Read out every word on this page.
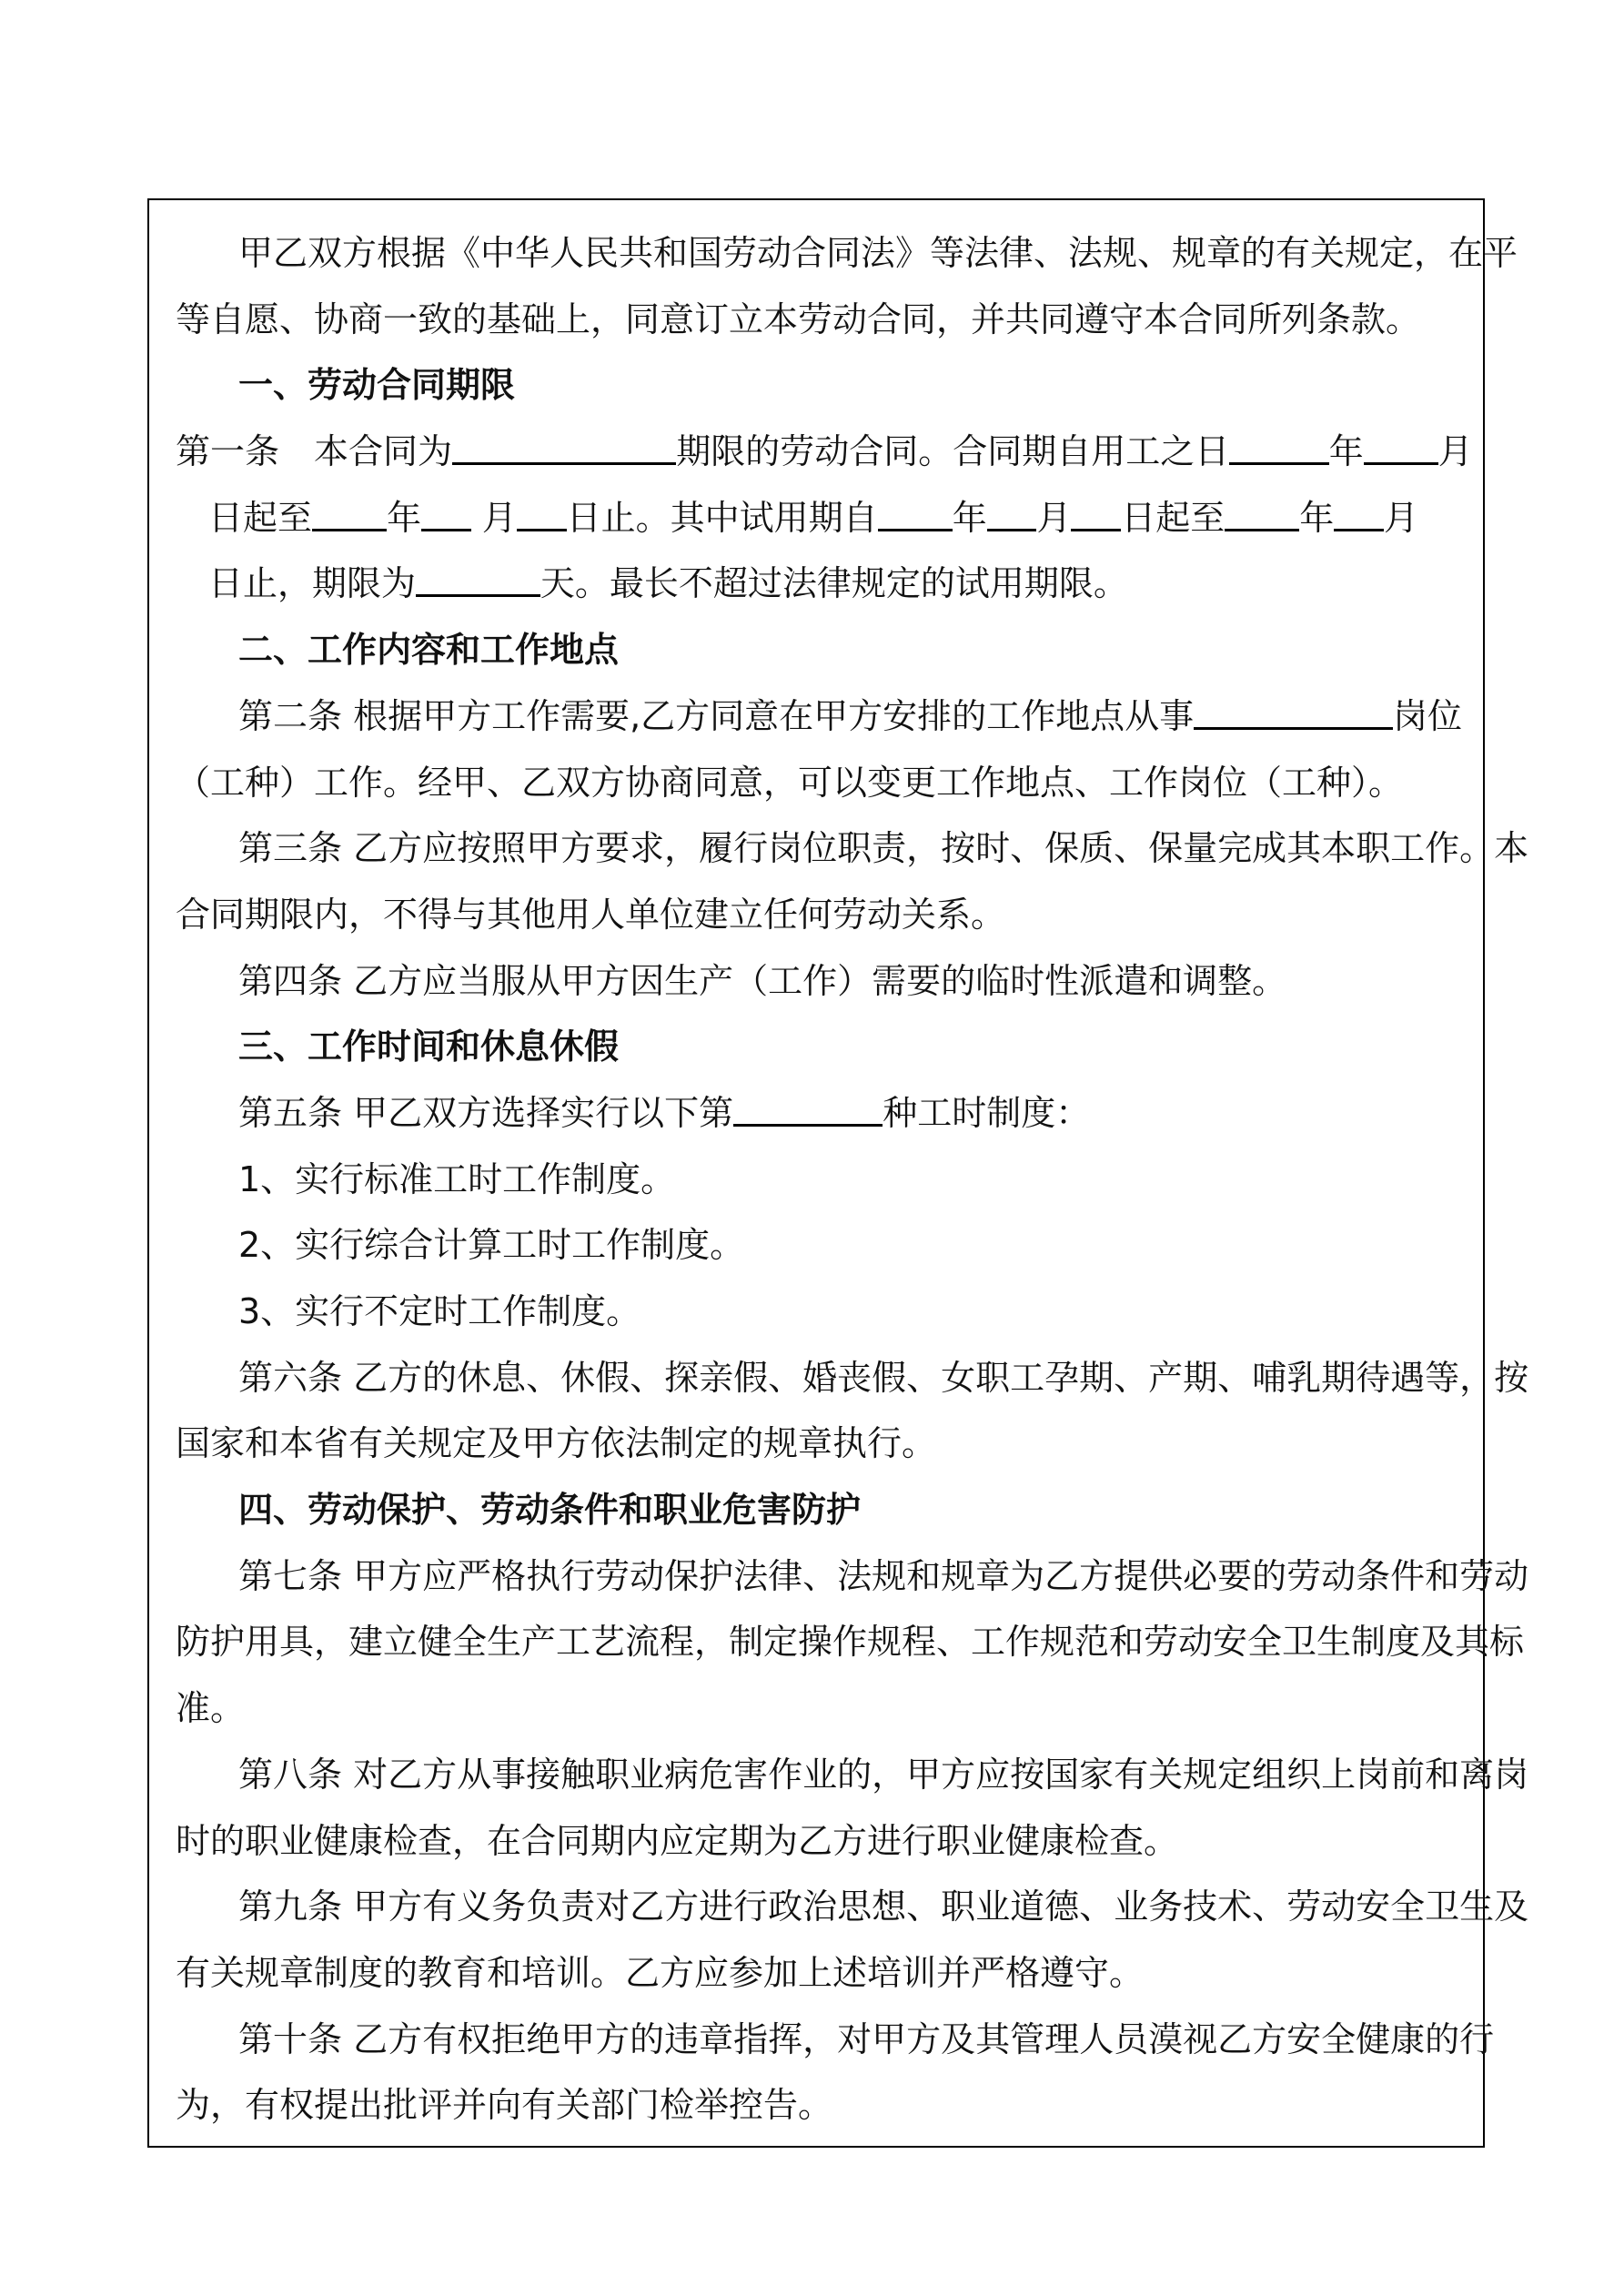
甲乙双方根据《中华人民共和国劳动合同法》等法律、法规、规章的有关规定，在平
等自愿、协商一致的基础上，同意订立本劳动合同，并共同遵守本合同所列条款。
一、劳动合同期限
第一条　本合同为	期限的劳动合同。合同期自用工之日	年 月
日起至 年 月 日止。其中试用期自 年 月 日起至 年 月
日止，期限为	天。最长不超过法律规定的试用期限。
二、工作内容和工作地点
第二条 根据甲方工作需要,乙方同意在甲方安排的工作地点从事	岗位
（工种）工作。经甲、乙双方协商同意，可以变更工作地点、工作岗位（工种）。
第三条 乙方应按照甲方要求，履行岗位职责，按时、保质、保量完成其本职工作。本
合同期限内，不得与其他用人单位建立任何劳动关系。
第四条 乙方应当服从甲方因生产（工作）需要的临时性派遣和调整。
三、工作时间和休息休假
第五条 甲乙双方选择实行以下第	种工时制度：
1、实行标准工时工作制度。
2、实行综合计算工时工作制度。
3、实行不定时工作制度。
第六条 乙方的休息、休假、探亲假、婚丧假、女职工孕期、产期、哺乳期待遇等，按
国家和本省有关规定及甲方依法制定的规章执行。
四、劳动保护、劳动条件和职业危害防护
第七条 甲方应严格执行劳动保护法律、法规和规章为乙方提供必要的劳动条件和劳动
防护用具，建立健全生产工艺流程，制定操作规程、工作规范和劳动安全卫生制度及其标
准。
第八条 对乙方从事接触职业病危害作业的，甲方应按国家有关规定组织上岗前和离岗
时的职业健康检查，在合同期内应定期为乙方进行职业健康检查。
第九条 甲方有义务负责对乙方进行政治思想、职业道德、业务技术、劳动安全卫生及
有关规章制度的教育和培训。乙方应参加上述培训并严格遵守。
第十条 乙方有权拒绝甲方的违章指挥，对甲方及其管理人员漠视乙方安全健康的行
为，有权提出批评并向有关部门检举控告。
